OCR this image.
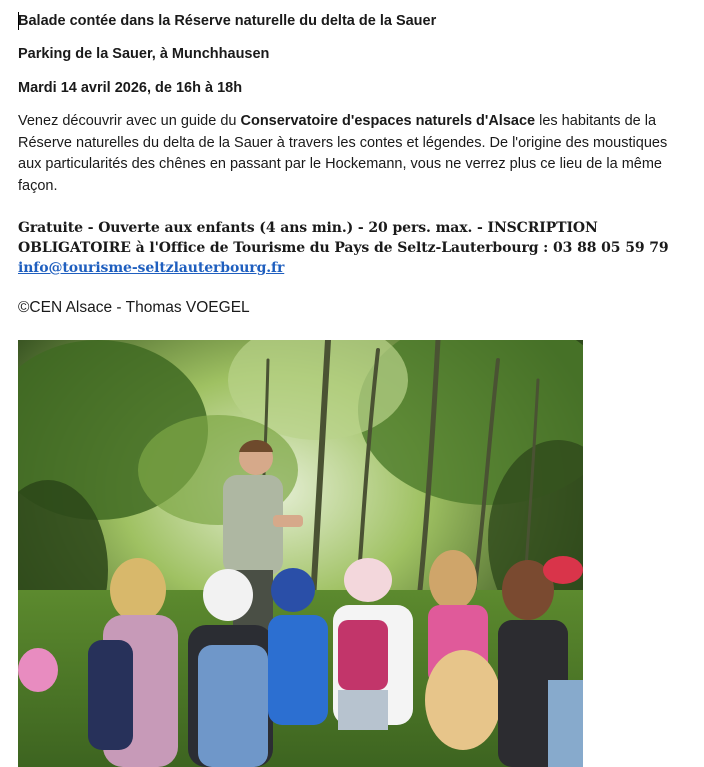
Balade contée dans la Réserve naturelle du delta de la Sauer

Parking de la Sauer, à Munchhausen

Mardi 14 avril 2026, de 16h à 18h

Venez découvrir avec un guide du Conservatoire d'espaces naturels d'Alsace les habitants de la Réserve naturelles du delta de la Sauer à travers les contes et légendes. De l'origine des moustiques aux particularités des chênes en passant par le Hockemann, vous ne verrez plus ce lieu de la même façon.

Gratuite - Ouverte aux enfants (4 ans min.) - 20 pers. max. - INSCRIPTION OBLIGATOIRE à l'Office de Tourisme du Pays de Seltz-Lauterbourg : 03 88 05 59 79 info@tourisme-seltzlauterbourg.fr

©CEN Alsace - Thomas VOEGEL
